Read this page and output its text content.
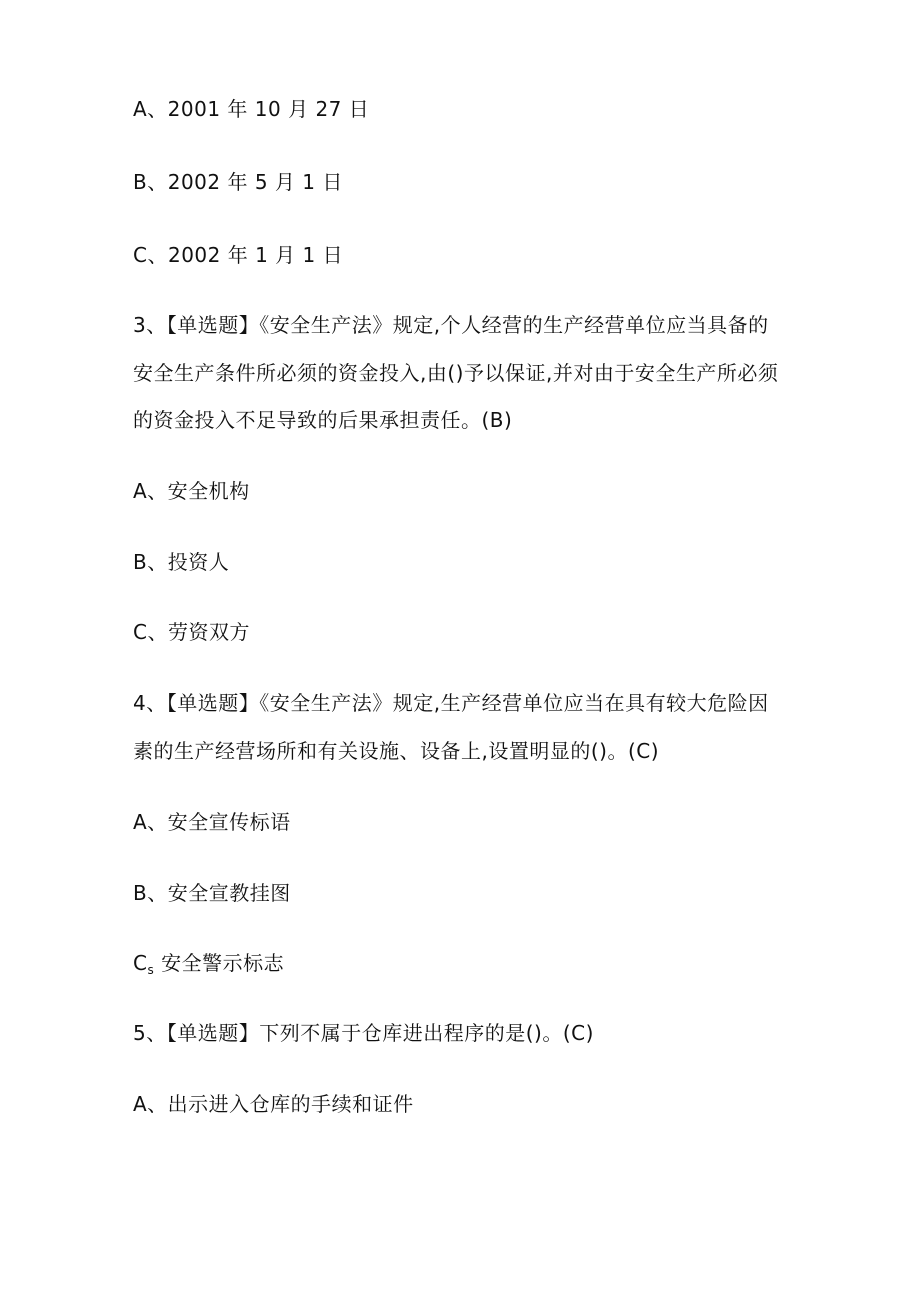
A、2001 年 10 月 27 日
B、2002 年 5 月 1 日
C、2002 年 1 月 1 日
3、【单选题】《安全生产法》规定,个人经营的生产经营单位应当具备的
安全生产条件所必须的资金投入,由()予以保证,并对由于安全生产所必须
的资金投入不足导致的后果承担责任。(B)
A、安全机构
B、投资人
C、劳资双方
4、【单选题】《安全生产法》规定,生产经营单位应当在具有较大危险因
素的生产经营场所和有关设施、设备上,设置明显的()。(C)
A、安全宣传标语
B、安全宣教挂图
$C_s$ 安全警示标志
5、【单选题】下列不属于仓库进出程序的是()。(C)
A、出示进入仓库的手续和证件
